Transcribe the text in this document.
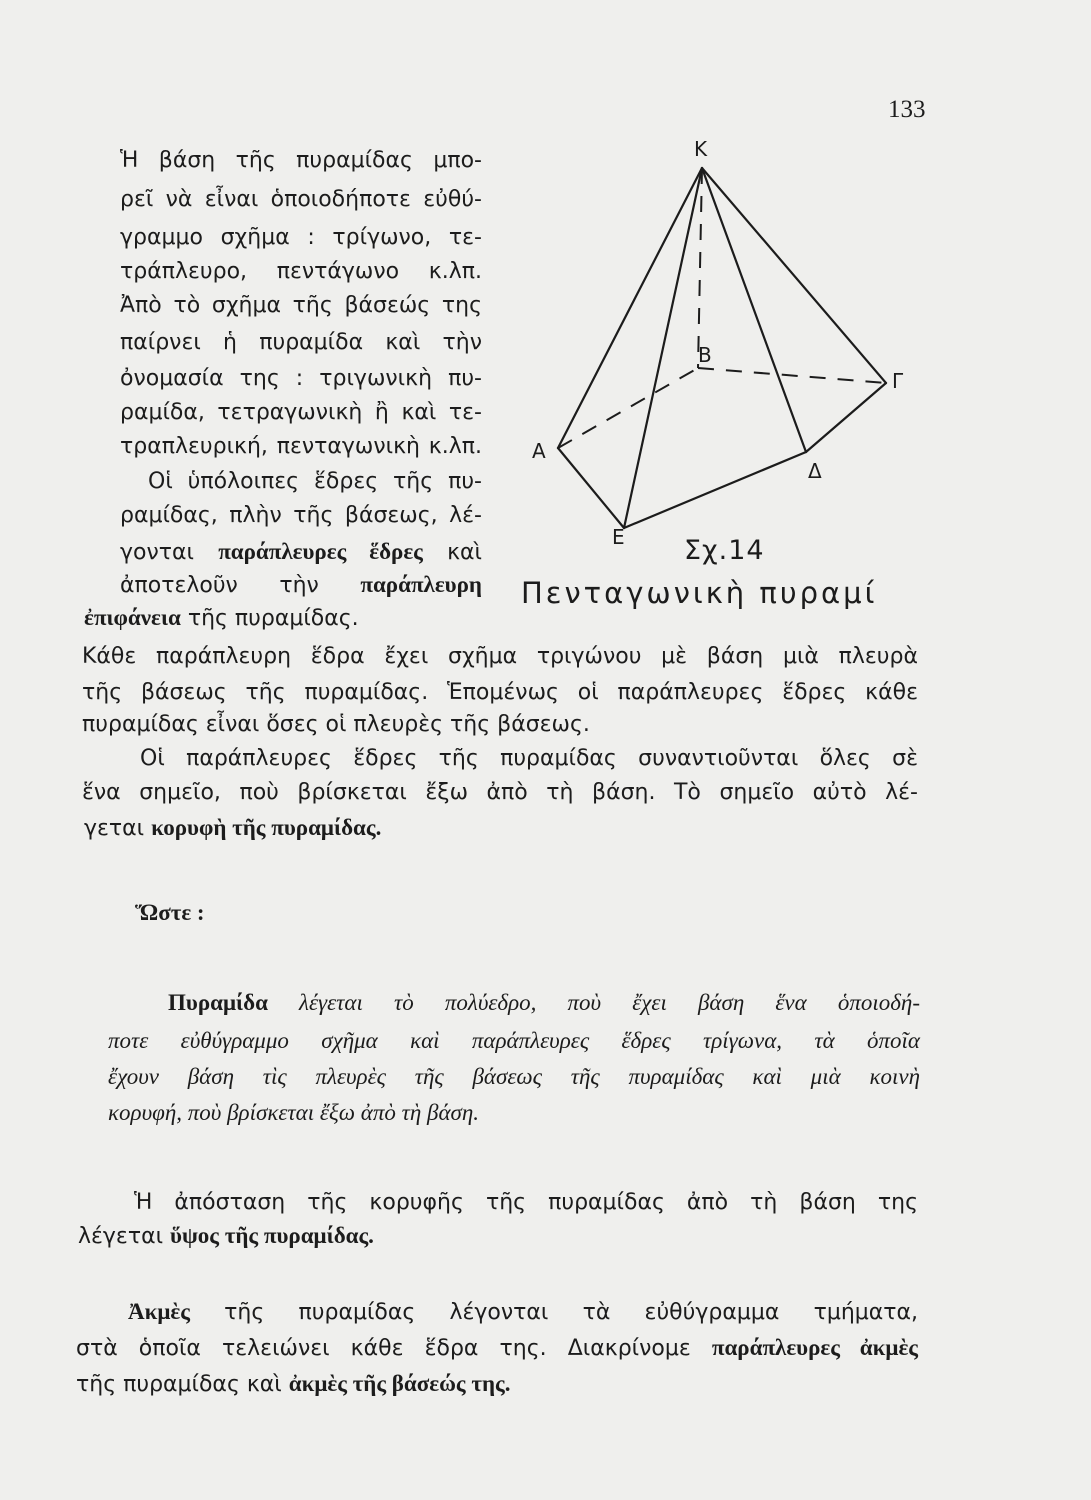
133
Κ
Β
Γ
Α
Δ
Ε Σχ.14
Πενταγωνικὴ πυραμί
Ἡ βάση τῆς πυραμίδας μπο-
ρεῖ νὰ εἶναι ὁποιοδήποτε εὐθύ-
γραμμο σχῆμα : τρίγωνο, τε-
τράπλευρο, πεντάγωνο κ.λπ.
Ἀπὸ τὸ σχῆμα τῆς βάσεώς της
παίρνει ἡ πυραμίδα καὶ τὴν
ὀνομασία της : τριγωνικὴ πυ-
ραμίδα, τετραγωνικὴ ἢ καὶ τε-
τραπλευρική, πενταγωνικὴ κ.λπ.
Οἱ ὑπόλοιπες ἕδρες τῆς πυ-
ραμίδας, πλὴν τῆς βάσεως, λέ-
γονται παράπλευρες ἕδρες καὶ
ἀποτελοῦν τὴν παράπλευρη
ἐπιφάνεια τῆς πυραμίδας.
Κάθε παράπλευρη ἕδρα ἔχει σχῆμα τριγώνου μὲ βάση μιὰ πλευρὰ
τῆς βάσεως τῆς πυραμίδας. Ἑπομένως οἱ παράπλευρες ἕδρες κάθε
πυραμίδας εἶναι ὅσες οἱ πλευρὲς τῆς βάσεως.
Οἱ παράπλευρες ἕδρες τῆς πυραμίδας συναντιοῦνται ὅλες σὲ
ἕνα σημεῖο, ποὺ βρίσκεται ἔξω ἀπὸ τὴ βάση. Τὸ σημεῖο αὐτὸ λέ-
γεται κορυφὴ τῆς πυραμίδας.
Ὥστε :
Πυραμίδα λέγεται τὸ πολύεδρο, ποὺ ἔχει βάση ἕνα ὁποιοδή-
ποτε εὐθύγραμμο σχῆμα καὶ παράπλευρες ἕδρες τρίγωνα, τὰ ὁποῖα
ἔχουν βάση τὶς πλευρὲς τῆς βάσεως τῆς πυραμίδας καὶ μιὰ κοινὴ
κορυφή, ποὺ βρίσκεται ἔξω ἀπὸ τὴ βάση.
Ἡ ἀπόσταση τῆς κορυφῆς τῆς πυραμίδας ἀπὸ τὴ βάση της
λέγεται ὕψος τῆς πυραμίδας.
Ἀκμὲς τῆς πυραμίδας λέγονται τὰ εὐθύγραμμα τμήματα,
στὰ ὁποῖα τελειώνει κάθε ἕδρα της. Διακρίνομε παράπλευρες ἀκμὲς
τῆς πυραμίδας καὶ ἀκμὲς τῆς βάσεώς της.
